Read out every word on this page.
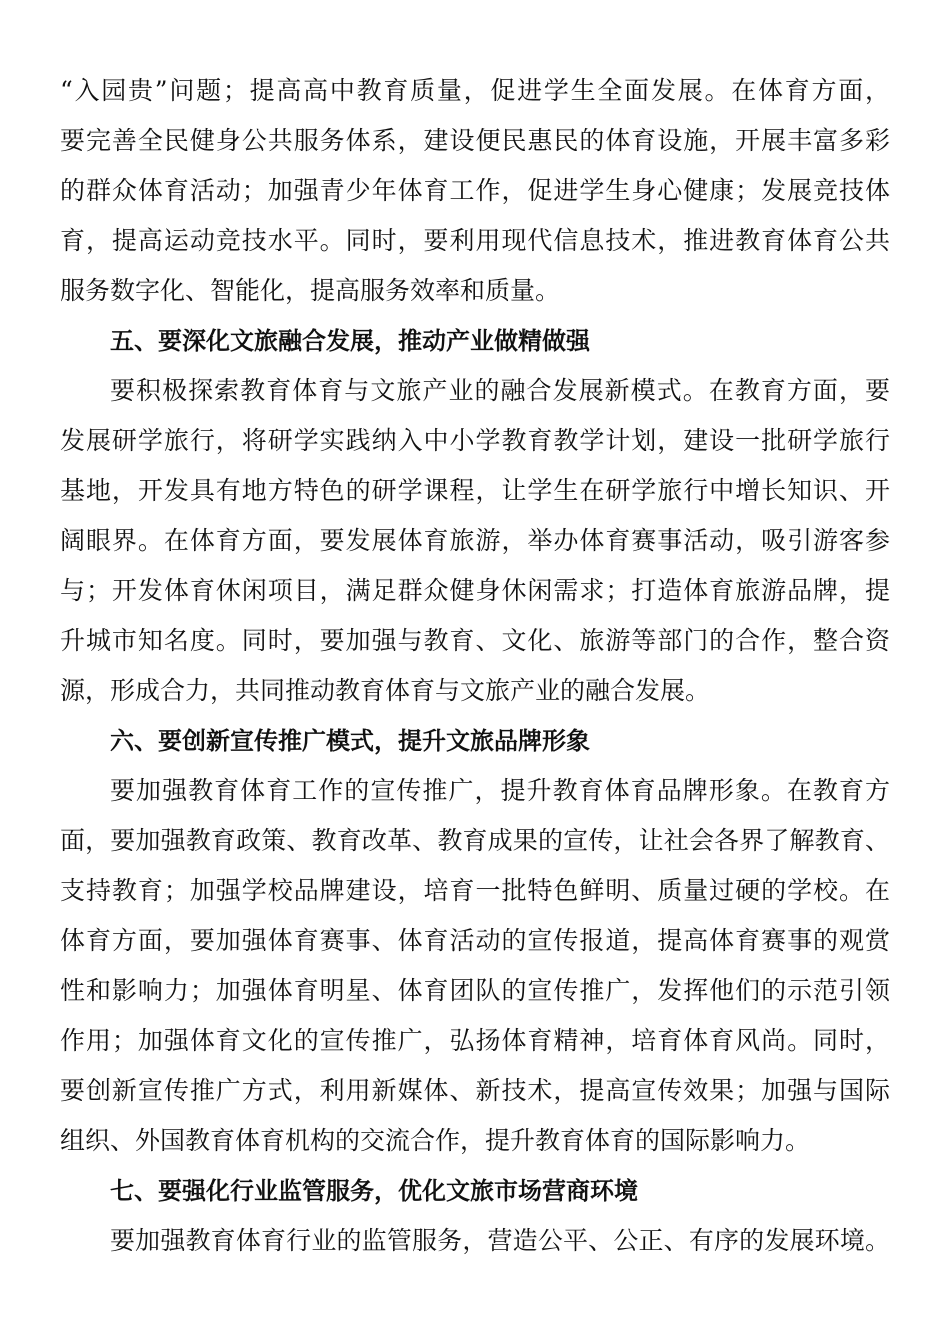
“入园贵”问题；提高高中教育质量，促进学生全面发展。在体育方面，
要完善全民健身公共服务体系，建设便民惠民的体育设施，开展丰富多彩
的群众体育活动；加强青少年体育工作，促进学生身心健康；发展竞技体
育，提高运动竞技水平。同时，要利用现代信息技术，推进教育体育公共
服务数字化、智能化，提高服务效率和质量。
五、要深化文旅融合发展，推动产业做精做强
要积极探索教育体育与文旅产业的融合发展新模式。在教育方面，要
发展研学旅行，将研学实践纳入中小学教育教学计划，建设一批研学旅行
基地，开发具有地方特色的研学课程，让学生在研学旅行中增长知识、开
阔眼界。在体育方面，要发展体育旅游，举办体育赛事活动，吸引游客参
与；开发体育休闲项目，满足群众健身休闲需求；打造体育旅游品牌，提
升城市知名度。同时，要加强与教育、文化、旅游等部门的合作，整合资
源，形成合力，共同推动教育体育与文旅产业的融合发展。
六、要创新宣传推广模式，提升文旅品牌形象
要加强教育体育工作的宣传推广，提升教育体育品牌形象。在教育方
面，要加强教育政策、教育改革、教育成果的宣传，让社会各界了解教育、
支持教育；加强学校品牌建设，培育一批特色鲜明、质量过硬的学校。在
体育方面，要加强体育赛事、体育活动的宣传报道，提高体育赛事的观赏
性和影响力；加强体育明星、体育团队的宣传推广，发挥他们的示范引领
作用；加强体育文化的宣传推广，弘扬体育精神，培育体育风尚。同时，
要创新宣传推广方式，利用新媒体、新技术，提高宣传效果；加强与国际
组织、外国教育体育机构的交流合作，提升教育体育的国际影响力。
七、要强化行业监管服务，优化文旅市场营商环境
要加强教育体育行业的监管服务，营造公平、公正、有序的发展环境。
